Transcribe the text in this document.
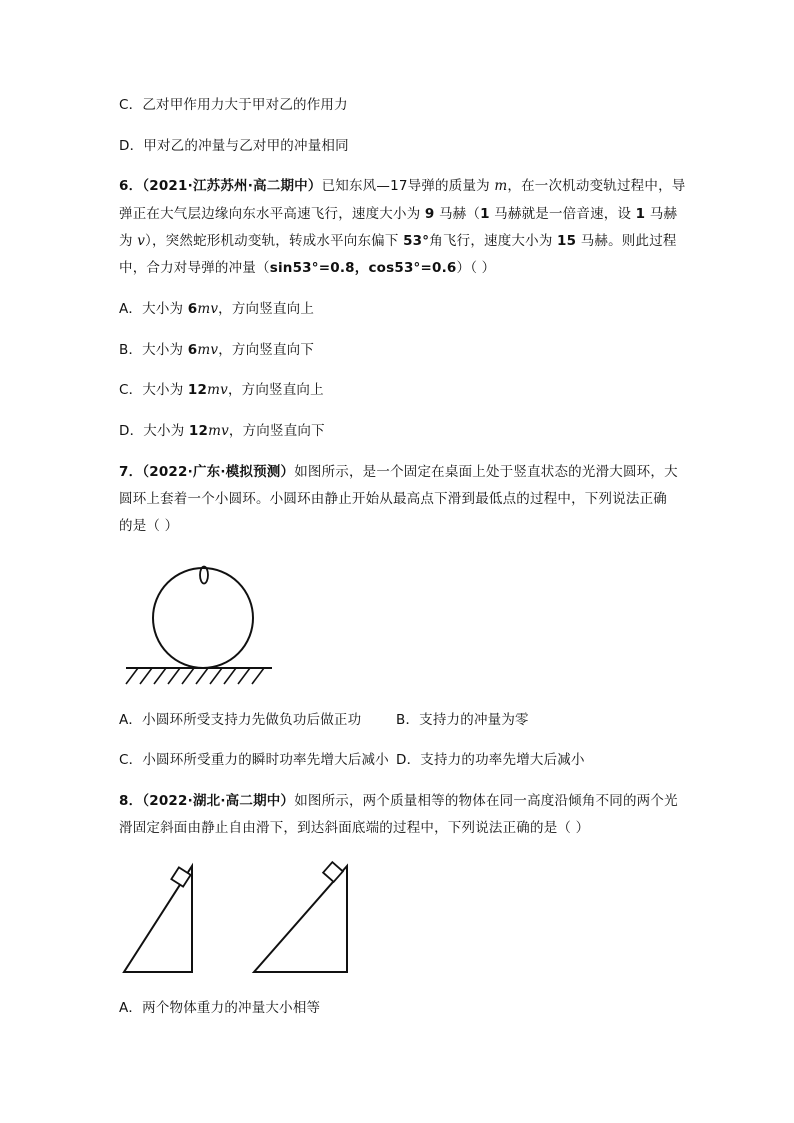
C．乙对甲作用力大于甲对乙的作用力
D．甲对乙的冲量与乙对甲的冲量相同
6．（2021·江苏苏州·高二期中）已知东风—17导弹的质量为 m，在一次机动变轨过程中，导
弹正在大气层边缘向东水平高速飞行，速度大小为 9 马赫（1 马赫就是一倍音速，设 1 马赫
为 v），突然蛇形机动变轨，转成水平向东偏下 53°角飞行，速度大小为 15 马赫。则此过程
中，合力对导弹的冲量（sin53°=0.8，cos53°=0.6）（ ）
A．大小为 6mv，方向竖直向上
B．大小为 6mv，方向竖直向下
C．大小为 12mv，方向竖直向上
D．大小为 12mv，方向竖直向下
7．（2022·广东·模拟预测）如图所示，是一个固定在桌面上处于竖直状态的光滑大圆环，大
圆环上套着一个小圆环。小圆环由静止开始从最高点下滑到最低点的过程中，下列说法正确
的是（ ）
A．小圆环所受支持力先做负功后做正功	B．支持力的冲量为零
C．小圆环所受重力的瞬时功率先增大后减小 D．支持力的功率先增大后减小
8．（2022·湖北·高二期中）如图所示，两个质量相等的物体在同一高度沿倾角不同的两个光
滑固定斜面由静止自由滑下，到达斜面底端的过程中，下列说法正确的是（ ）
A．两个物体重力的冲量大小相等
